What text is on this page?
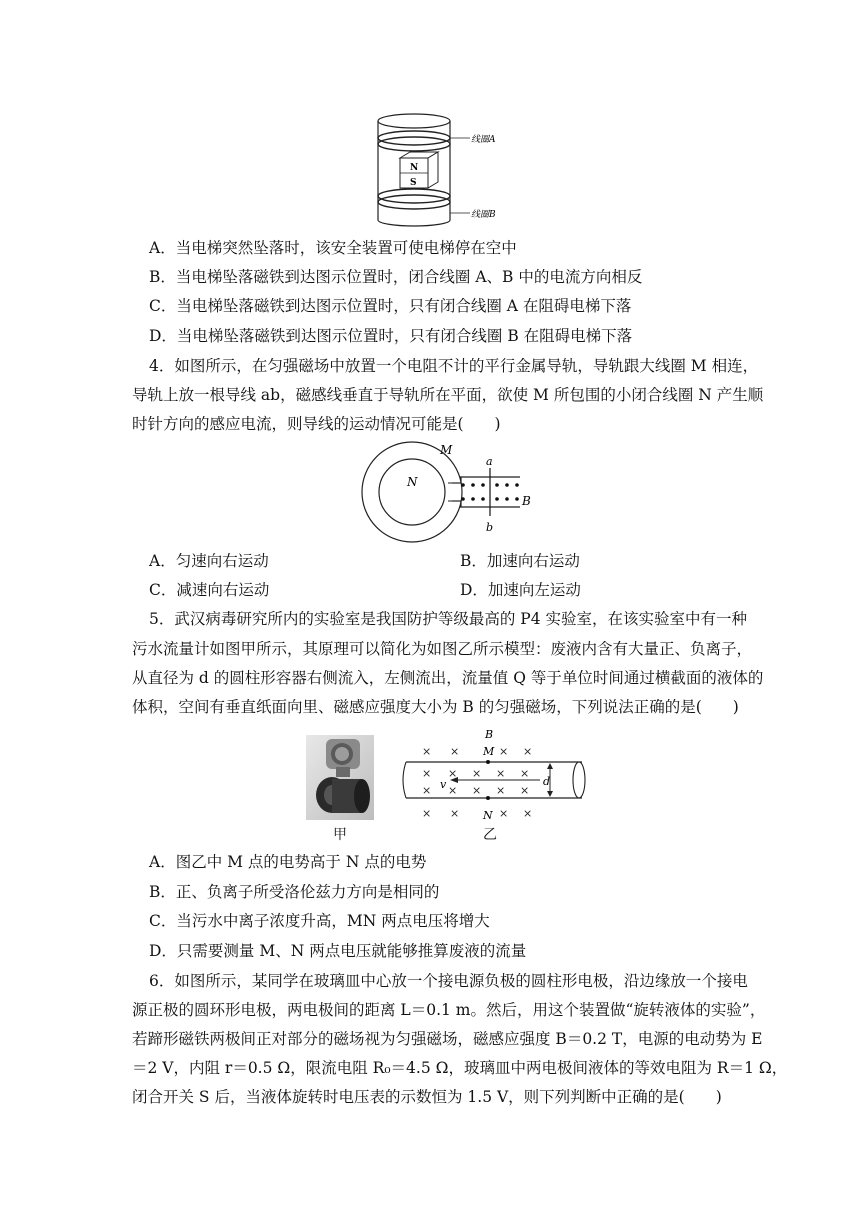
N
S
线圈A
线圈B
A．当电梯突然坠落时，该安全装置可使电梯停在空中
B．当电梯坠落磁铁到达图示位置时，闭合线圈 A、B 中的电流方向相反
C．当电梯坠落磁铁到达图示位置时，只有闭合线圈 A 在阻碍电梯下落
D．当电梯坠落磁铁到达图示位置时，只有闭合线圈 B 在阻碍电梯下落
4．如图所示，在匀强磁场中放置一个电阻不计的平行金属导轨，导轨跟大线圈 M 相连，
导轨上放一根导线 ab，磁感线垂直于导轨所在平面，欲使 M 所包围的小闭合线圈 N 产生顺
时针方向的感应电流，则导线的运动情况可能是(　　)
M
N
a
b
B
A．匀速向右运动	B．加速向右运动
C．减速向右运动	D．加速向左运动
5．武汉病毒研究所内的实验室是我国防护等级最高的 P4 实验室，在该实验室中有一种
污水流量计如图甲所示，其原理可以简化为如图乙所示模型：废液内含有大量正、负离子，
从直径为 d 的圆柱形容器右侧流入，左侧流出，流量值 Q 等于单位时间通过横截面的液体的
体积，空间有垂直纸面向里、磁感应强度大小为 B 的匀强磁场，下列说法正确的是(　　)
甲
× ×	× ×
× × × × ×
× × × × ×
× ×	× ×
v
B
M
N
d
乙
A．图乙中 M 点的电势高于 N 点的电势
B．正、负离子所受洛伦兹力方向是相同的
C．当污水中离子浓度升高，MN 两点电压将增大
D．只需要测量 M、N 两点电压就能够推算废液的流量
6．如图所示，某同学在玻璃皿中心放一个接电源负极的圆柱形电极，沿边缘放一个接电
源正极的圆环形电极，两电极间的距离 L＝0.1 m。然后，用这个装置做“旋转液体的实验”，
若蹄形磁铁两极间正对部分的磁场视为匀强磁场，磁感应强度 B＝0.2 T，电源的电动势为 E
＝2 V，内阻 r＝0.5 Ω，限流电阻 R₀＝4.5 Ω，玻璃皿中两电极间液体的等效电阻为 R＝1 Ω，
闭合开关 S 后，当液体旋转时电压表的示数恒为 1.5 V，则下列判断中正确的是(　　)
